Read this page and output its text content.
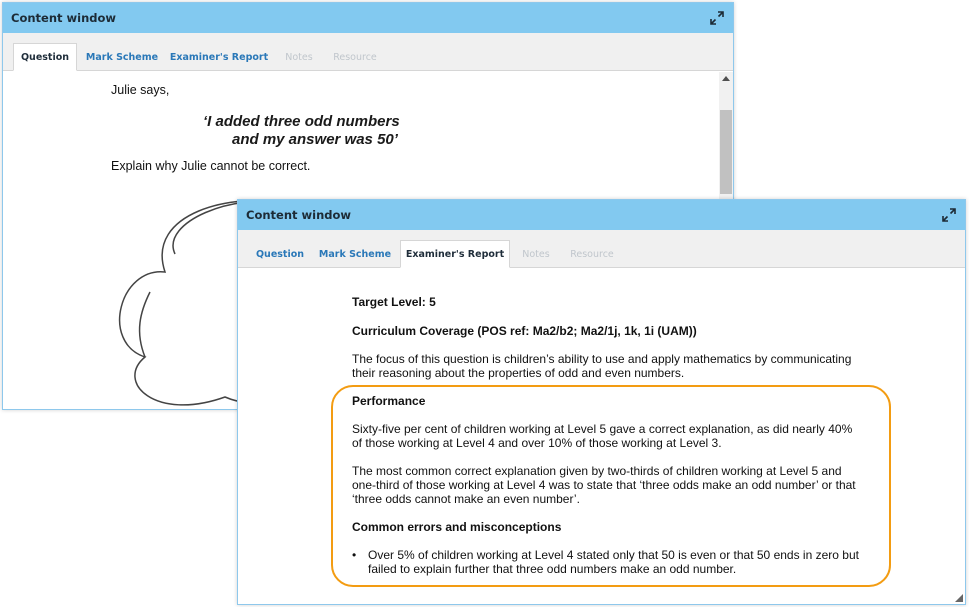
Content window
Question	Mark Scheme	Examiner's Report	Notes	Resource
Julie says,
‘I added three odd numbers
and my answer was 50’
Explain why Julie cannot be correct.
Content window
Question	Mark Scheme	Examiner's Report	Notes	Resource

Target Level: 5

Curriculum Coverage (POS ref: Ma2/b2; Ma2/1j, 1k, 1i (UAM))

The focus of this question is children’s ability to use and apply mathematics by communicating

their reasoning about the properties of odd and even numbers.

Performance

Sixty-five per cent of children working at Level 5 gave a correct explanation, as did nearly 40%

of those working at Level 4 and over 10% of those working at Level 3.

The most common correct explanation given by two-thirds of children working at Level 5 and

one-third of those working at Level 4 was to state that ‘three odds make an odd number’ or that

‘three odds cannot make an even number’.

Common errors and misconceptions

• Over 5% of children working at Level 4 stated only that 50 is even or that 50 ends in zero but

failed to explain further that three odd numbers make an odd number.
